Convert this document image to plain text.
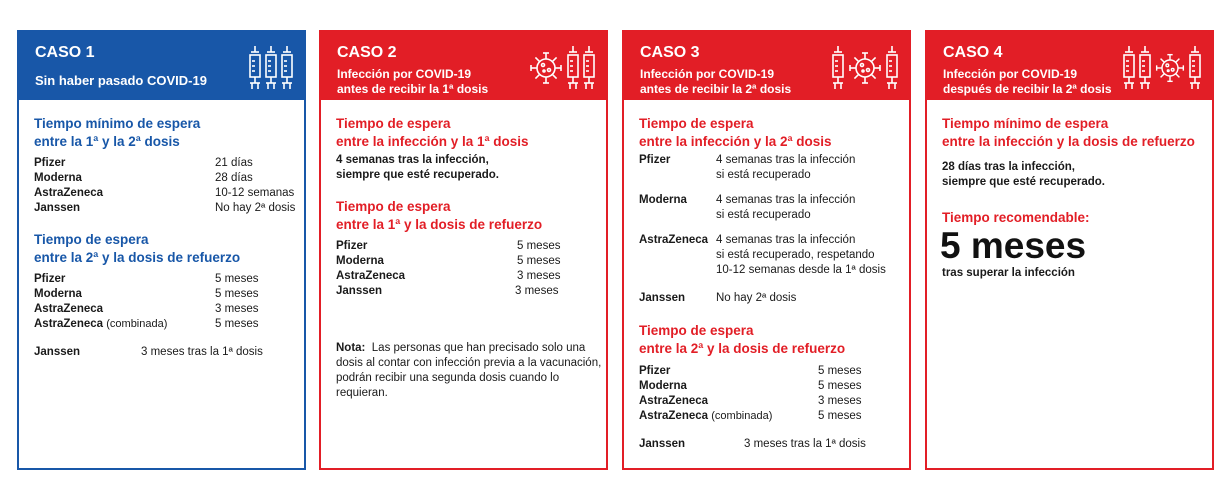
CASO 1
Sin haber pasado COVID-19
Tiempo mínimo de espera
entre la 1ª y la 2ª dosis
Pfizer	21 días
Moderna	28 días
AstraZeneca	10-12 semanas
Janssen	No hay 2ª dosis
Tiempo de espera
entre la 2ª y la dosis de refuerzo
Pfizer	5 meses
Moderna	5 meses
AstraZeneca	3 meses
AstraZeneca (combinada)	5 meses
Janssen	3 meses tras la 1ª dosis
CASO 2
Infección por COVID-19
antes de recibir la 1ª dosis
Tiempo de espera
entre la infección y la 1ª dosis
4 semanas tras la infección,
siempre que esté recuperado.
Tiempo de espera
entre la 1ª y la dosis de refuerzo
Pfizer	5 meses
Moderna	5 meses
AstraZeneca	3 meses
Janssen	3 meses
Nota: Las personas que han precisado solo una
dosis al contar con infección previa a la vacunación,
podrán recibir una segunda dosis cuando lo requieran.
CASO 3
Infección por COVID-19
antes de recibir la 2ª dosis
Tiempo de espera
entre la infección y la 2ª dosis
Pfizer	4 semanas tras la infección
si está recuperado
Moderna	4 semanas tras la infección
si está recuperado
AstraZeneca 4 semanas tras la infección
si está recuperado, respetando
10-12 semanas desde la 1ª dosis
Janssen	No hay 2ª dosis
Tiempo de espera
entre la 2ª y la dosis de refuerzo
Pfizer	5 meses
Moderna	5 meses
AstraZeneca	3 meses
AstraZeneca (combinada)	5 meses
Janssen	3 meses tras la 1ª dosis
CASO 4
Infección por COVID-19
después de recibir la 2ª dosis
Tiempo mínimo de espera
entre la infección y la dosis de refuerzo
28 días tras la infección,
siempre que esté recuperado.
Tiempo recomendable:
5 meses
tras superar la infección
